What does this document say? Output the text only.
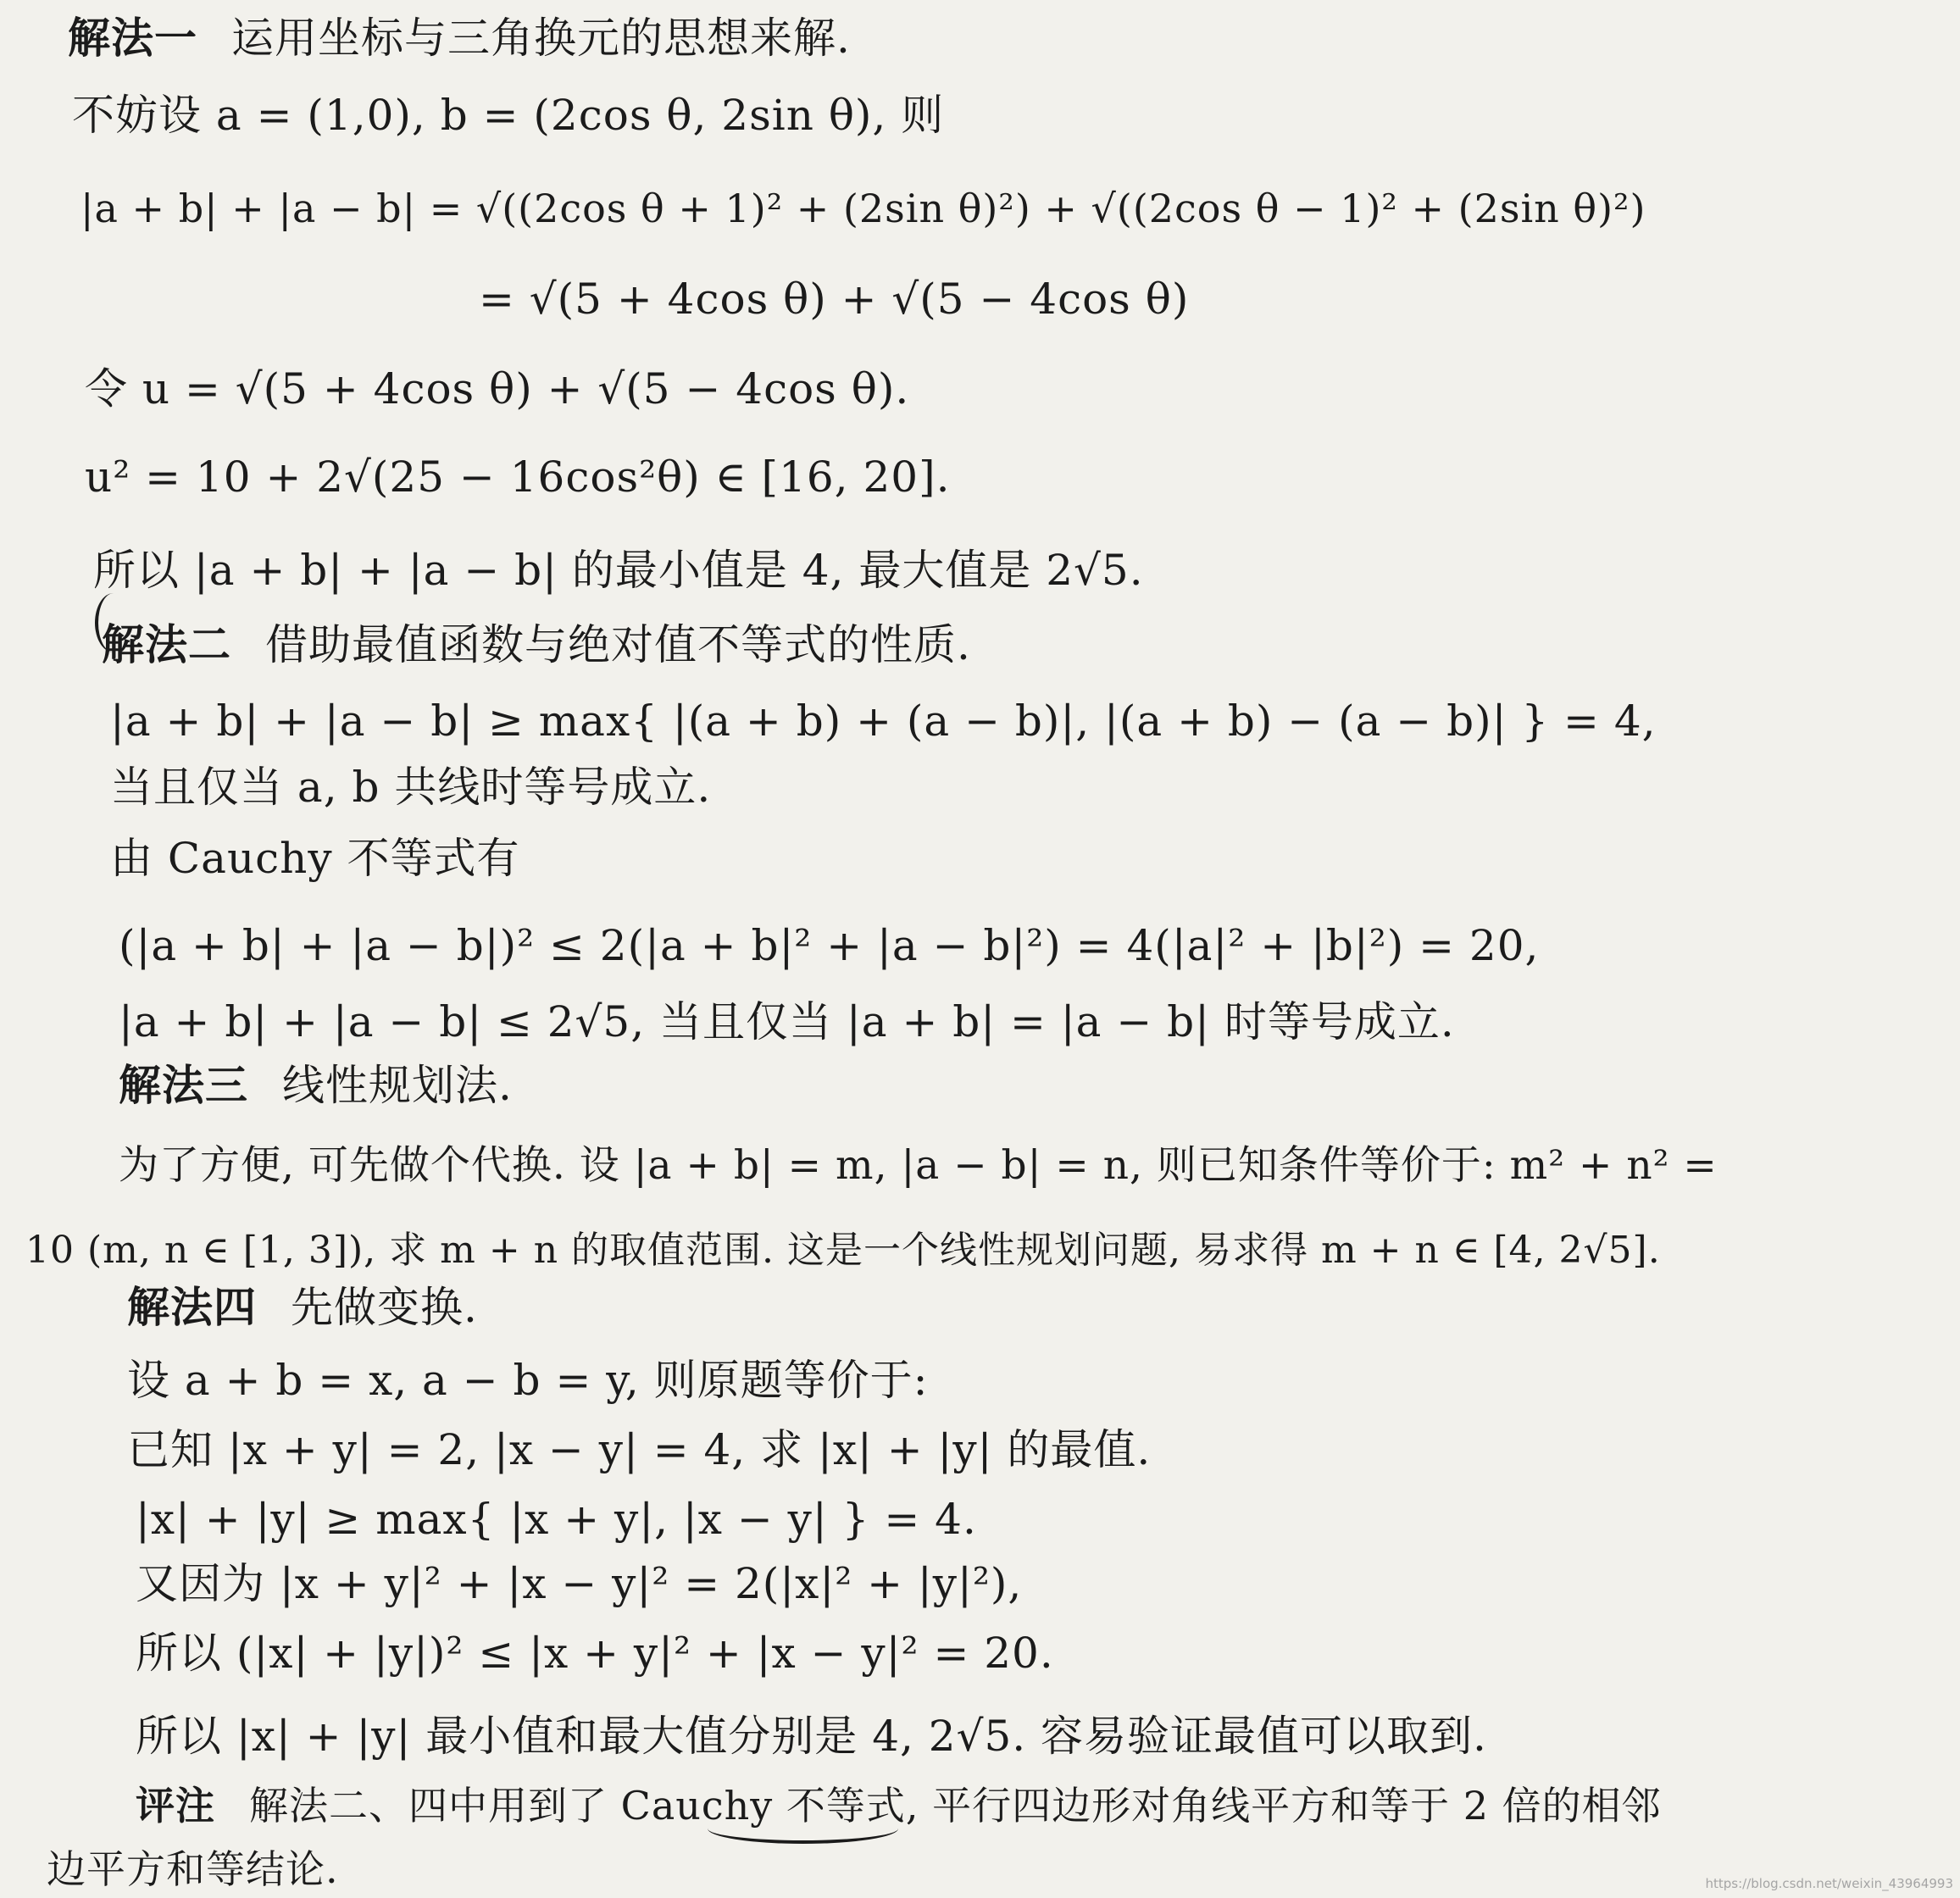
解法一 运用坐标与三角换元的思想来解.
不妨设 a = (1,0), b = (2cos θ, 2sin θ), 则
|a + b| + |a − b| = √((2cos θ + 1)² + (2sin θ)²) + √((2cos θ − 1)² + (2sin θ)²)
= √(5 + 4cos θ) + √(5 − 4cos θ)
令 u = √(5 + 4cos θ) + √(5 − 4cos θ).
u² = 10 + 2√(25 − 16cos²θ) ∈ [16, 20].
所以 |a + b| + |a − b| 的最小值是 4, 最大值是 2√5.
解法二 借助最值函数与绝对值不等式的性质.
|a + b| + |a − b| ≥ max{ |(a + b) + (a − b)|, |(a + b) − (a − b)| } = 4,
当且仅当 a, b 共线时等号成立.
由 Cauchy 不等式有
(|a + b| + |a − b|)² ≤ 2(|a + b|² + |a − b|²) = 4(|a|² + |b|²) = 20,
|a + b| + |a − b| ≤ 2√5, 当且仅当 |a + b| = |a − b| 时等号成立.
解法三 线性规划法.
为了方便, 可先做个代换. 设 |a + b| = m, |a − b| = n, 则已知条件等价于: m² + n² =
10 (m, n ∈ [1, 3]), 求 m + n 的取值范围. 这是一个线性规划问题, 易求得 m + n ∈ [4, 2√5].
解法四 先做变换.
设 a + b = x, a − b = y, 则原题等价于:
已知 |x + y| = 2, |x − y| = 4, 求 |x| + |y| 的最值.
|x| + |y| ≥ max{ |x + y|, |x − y| } = 4.
又因为 |x + y|² + |x − y|² = 2(|x|² + |y|²),
所以 (|x| + |y|)² ≤ |x + y|² + |x − y|² = 20.
所以 |x| + |y| 最小值和最大值分别是 4, 2√5. 容易验证最值可以取到.
评注 解法二、四中用到了 Cauchy 不等式, 平行四边形对角线平方和等于 2 倍的相邻
边平方和等结论.	https://blog.csdn.net/weixin_43964993
